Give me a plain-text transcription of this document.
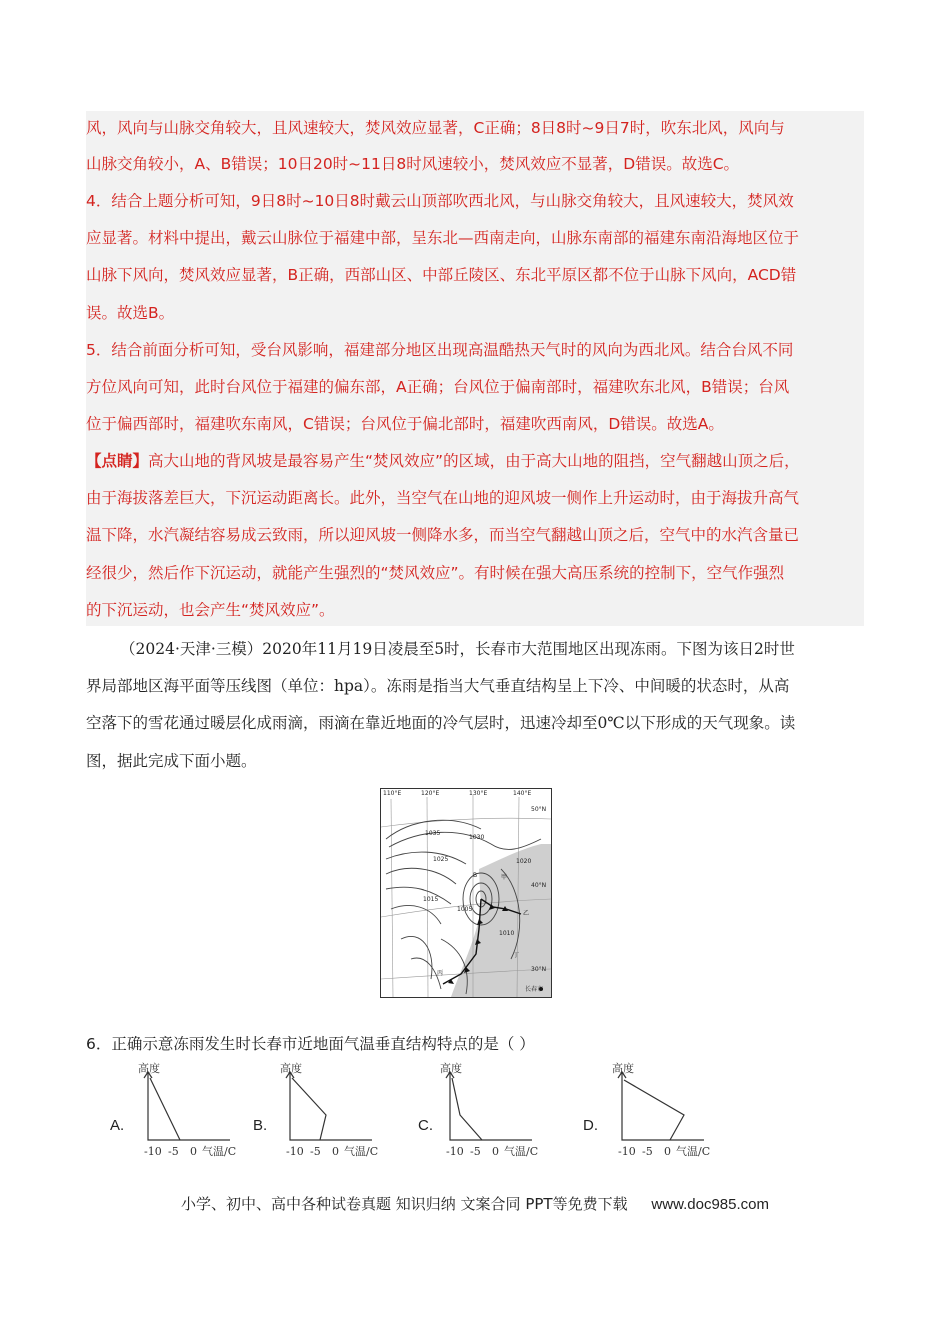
风，风向与山脉交角较大，且风速较大，焚风效应显著，C正确；8日8时~9日7时，吹东北风，风向与
山脉交角较小，A、B错误；10日20时~11日8时风速较小，焚风效应不显著，D错误。故选C。
4．结合上题分析可知，9日8时~10日8时戴云山顶部吹西北风，与山脉交角较大，且风速较大，焚风效
应显著。材料中提出，戴云山脉位于福建中部，呈东北—西南走向，山脉东南部的福建东南沿海地区位于
山脉下风向，焚风效应显著，B正确，西部山区、中部丘陵区、东北平原区都不位于山脉下风向，ACD错
误。故选B。
5．结合前面分析可知，受台风影响，福建部分地区出现高温酷热天气时的风向为西北风。结合台风不同
方位风向可知，此时台风位于福建的偏东部，A正确；台风位于偏南部时，福建吹东北风，B错误；台风
位于偏西部时，福建吹东南风，C错误；台风位于偏北部时，福建吹西南风，D错误。故选A。
【点睛】高大山地的背风坡是最容易产生“焚风效应”的区域，由于高大山地的阻挡，空气翻越山顶之后，
由于海拔落差巨大，下沉运动距离长。此外，当空气在山地的迎风坡一侧作上升运动时，由于海拔升高气
温下降，水汽凝结容易成云致雨，所以迎风坡一侧降水多，而当空气翻越山顶之后，空气中的水汽含量已
经很少，然后作下沉运动，就能产生强烈的“焚风效应”。有时候在强大高压系统的控制下，空气作强烈
的下沉运动，也会产生“焚风效应”。
（2024·天津·三模）2020年11月19日凌晨至5时，长春市大范围地区出现冻雨。下图为该日2时世
界局部地区海平面等压线图（单位：hpa）。冻雨是指当大气垂直结构呈上下冷、中间暖的状态时，从高
空落下的雪花通过暖层化成雨滴，雨滴在靠近地面的冷气层时，迅速冷却至0℃以下形成的天气现象。读
图，据此完成下面小题。
110°E	120°E	130°E	140°E
50°N
40°N
30°N
1035
1030
1025	1020
1015
1010
1005
甲
乙
丙
丁
B
长春市
6．正确示意冻雨发生时长春市近地面气温垂直结构特点的是（ ）
A.
高度
气温/C
-10 -5 0
B.
高度
气温/C
-10 -5 0
C.
高度
气温/C
-10 -5 0
D.
高度
气温/C
-10 -5 0
小学、初中、高中各种试卷真题 知识归纳 文案合同 PPT等免费下载 www.doc985.com
